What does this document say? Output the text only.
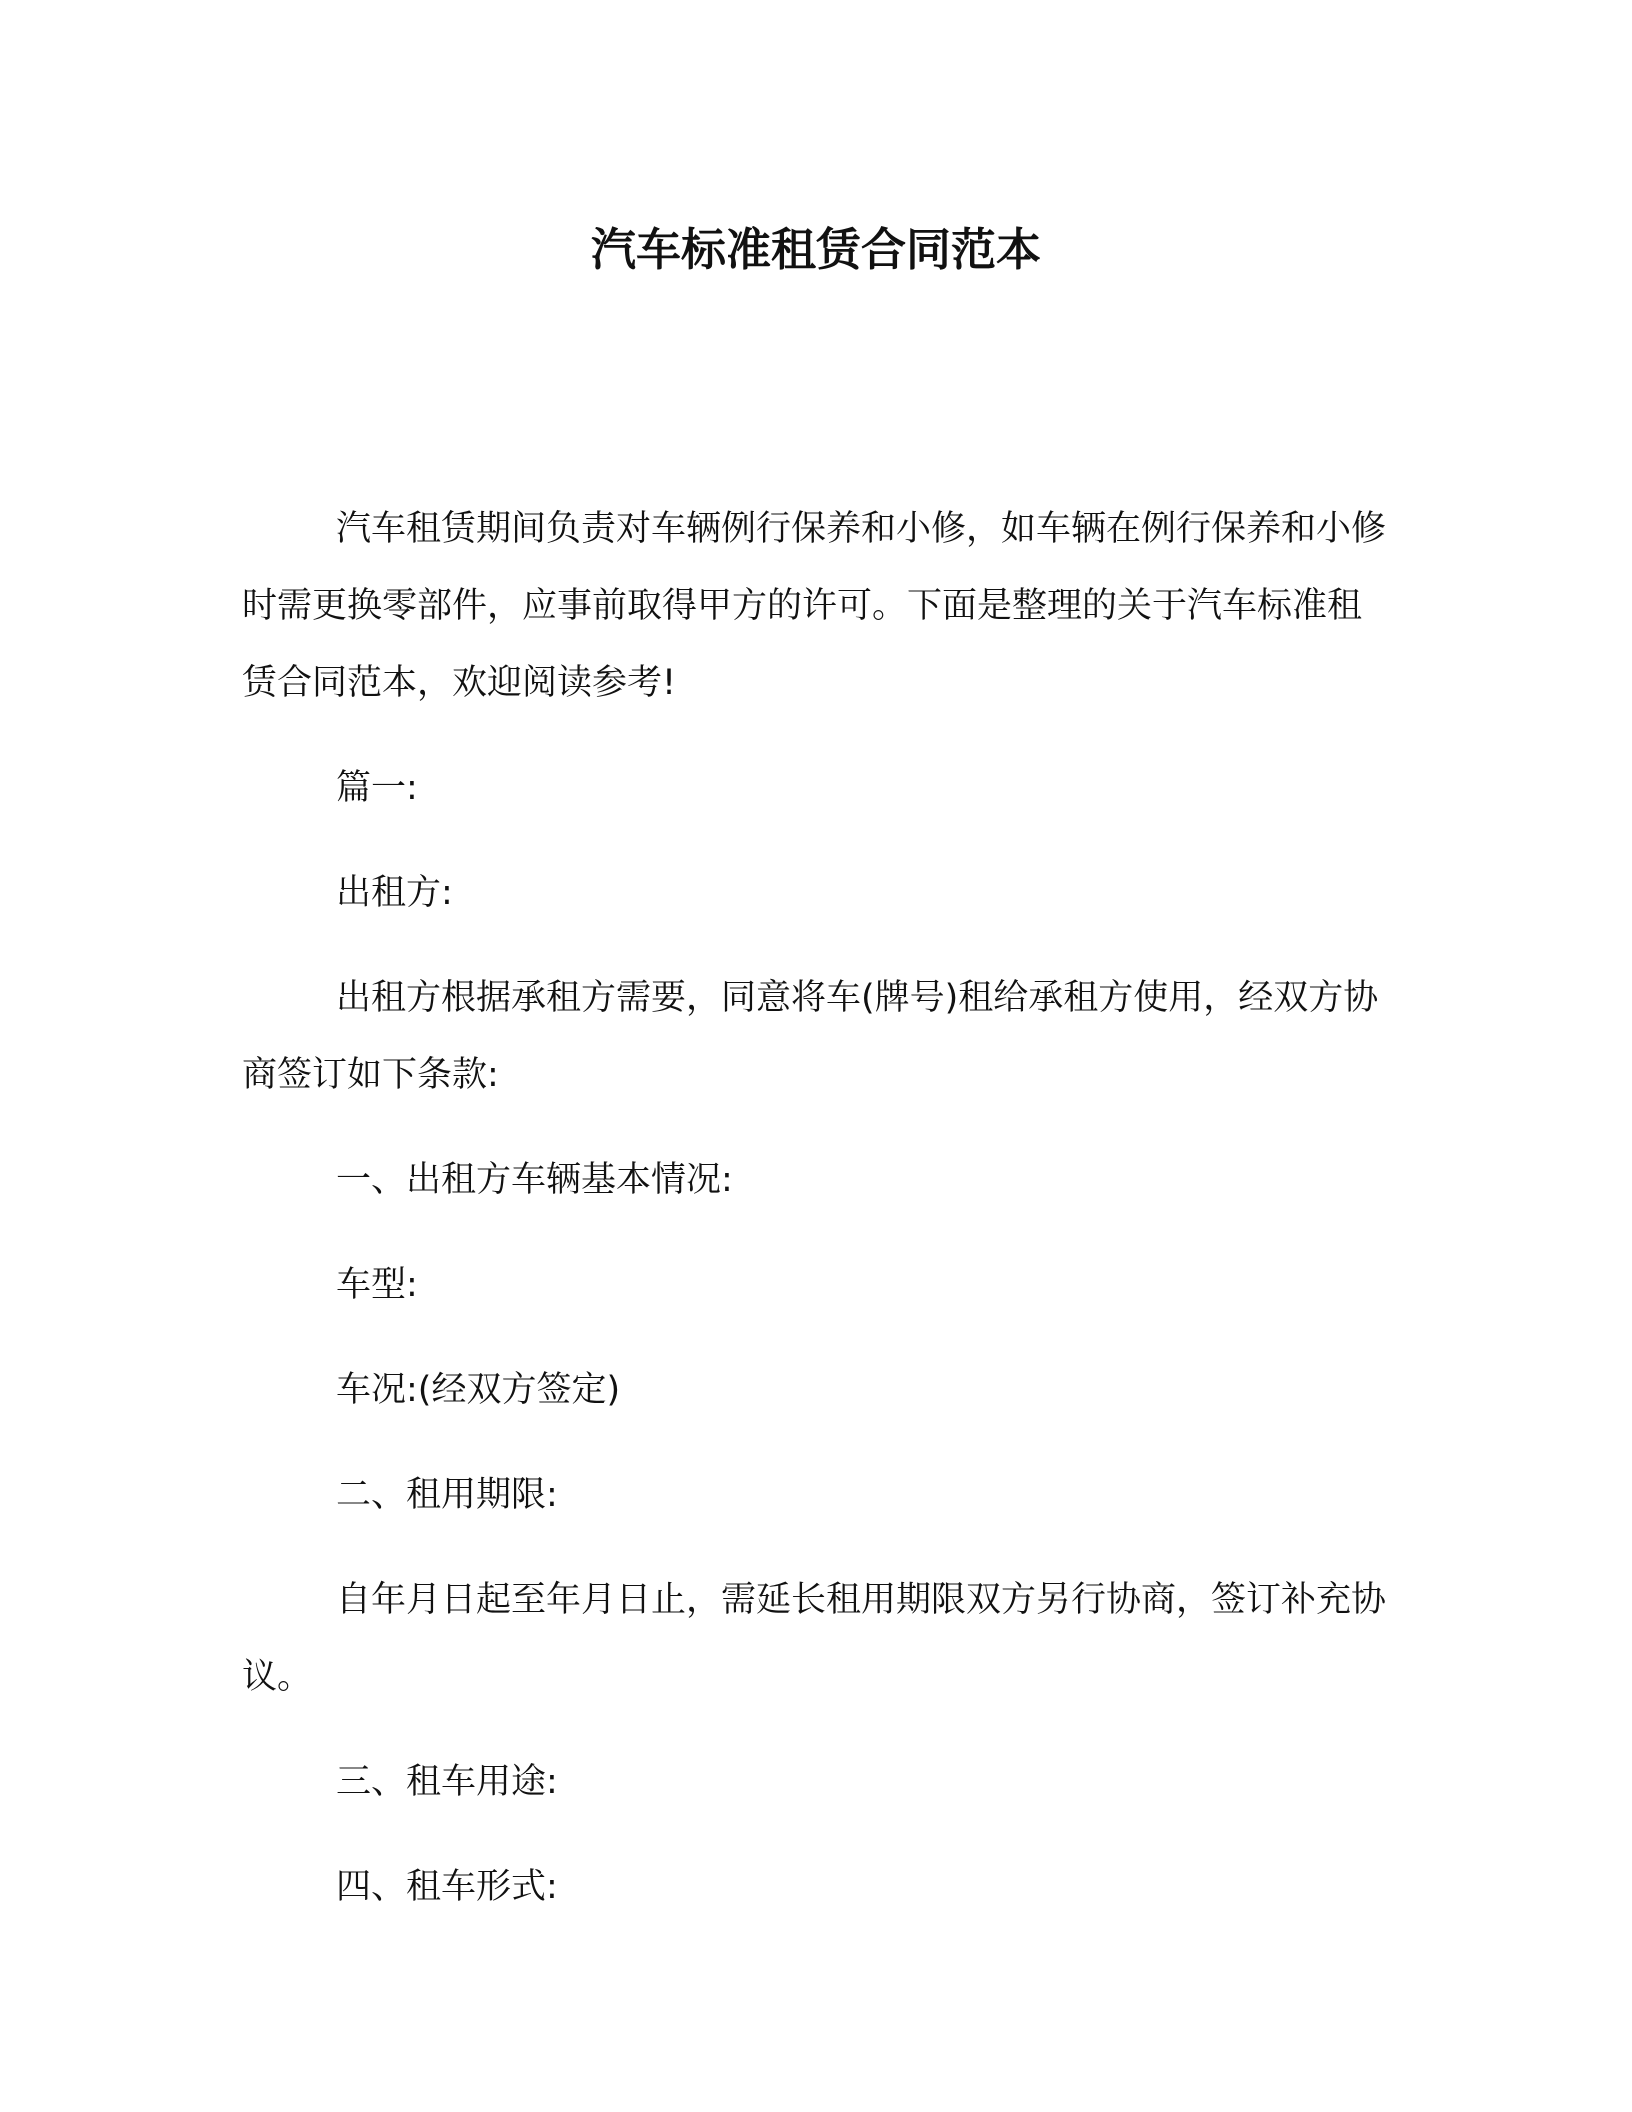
汽车标准租赁合同范本

汽车租赁期间负责对车辆例行保养和小修，如车辆在例行保养和小修时需更换零部件，应事前取得甲方的许可。下面是整理的关于汽车标准租赁合同范本，欢迎阅读参考!

篇一:

出租方:

出租方根据承租方需要，同意将车(牌号)租给承租方使用，经双方协商签订如下条款:

一、出租方车辆基本情况:

车型:

车况:(经双方签定)

二、租用期限:

自年月日起至年月日止，需延长租用期限双方另行协商，签订补充协议。

三、租车用途:

四、租车形式:
